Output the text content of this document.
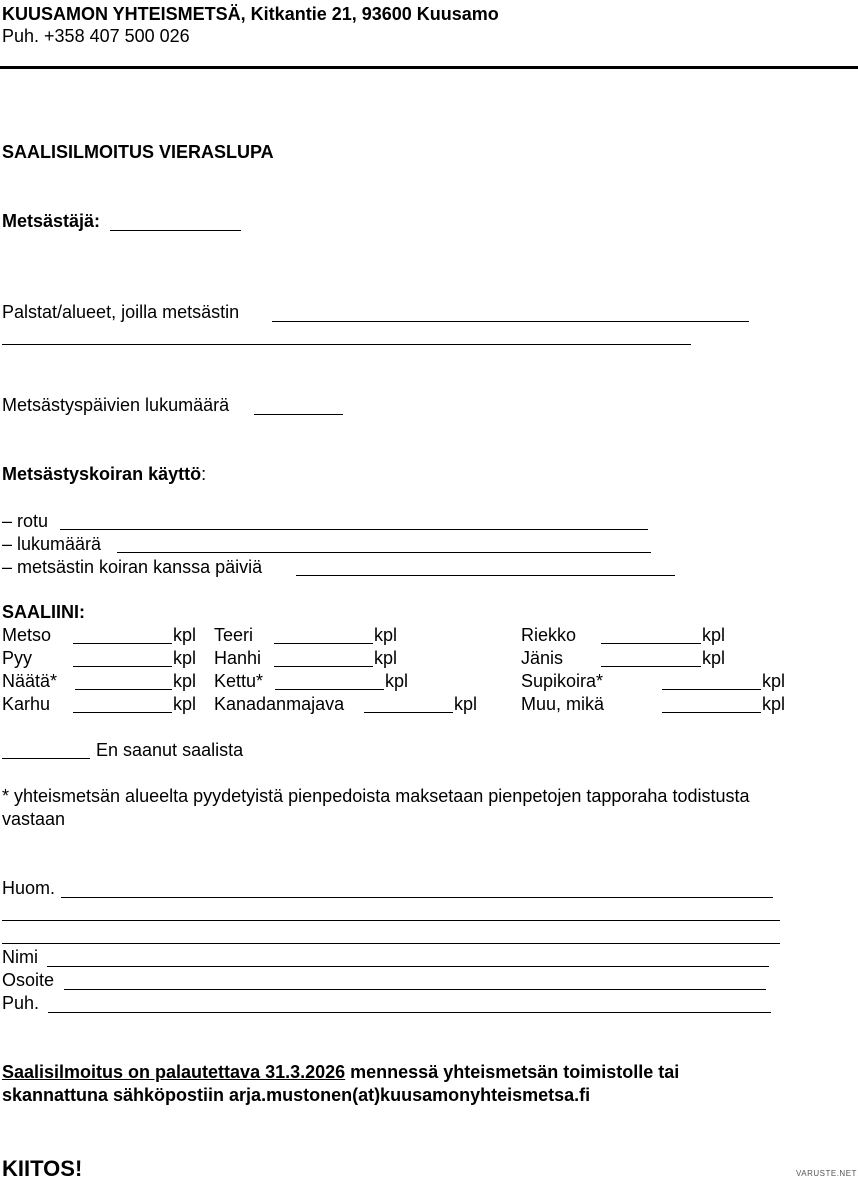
KUUSAMON YHTEISMETSÄ, Kitkantie 21, 93600 Kuusamo
Puh. +358 407 500 026
SAALISILMOITUS VIERASLUPA
Metsästäjä:
Palstat/alueet, joilla metsästin
Metsästyspäivien lukumäärä
Metsästyskoiran käyttö:
– rotu
– lukumäärä
– metsästin koiran kanssa päiviä
SAALIINI:
Metso	kpl Teeri	kpl	Riekko	kpl
Pyy	kpl Hanhi	kpl	Jänis	kpl
Näätä*	kpl Kettu*	kpl	Supikoira*	kpl
Karhu	kpl Kanadanmajava	kpl Muu, mikä	kpl
En saanut saalista
* yhteismetsän alueelta pyydetyistä pienpedoista maksetaan pienpetojen tapporaha todistusta
vastaan
Huom.
Nimi
Osoite
Puh.
Saalisilmoitus on palautettava 31.3.2026 mennessä yhteismetsän toimistolle tai
skannattuna sähköpostiin arja.mustonen(at)kuusamonyhteismetsa.fi
KIITOS!	VARUSTE.NET
